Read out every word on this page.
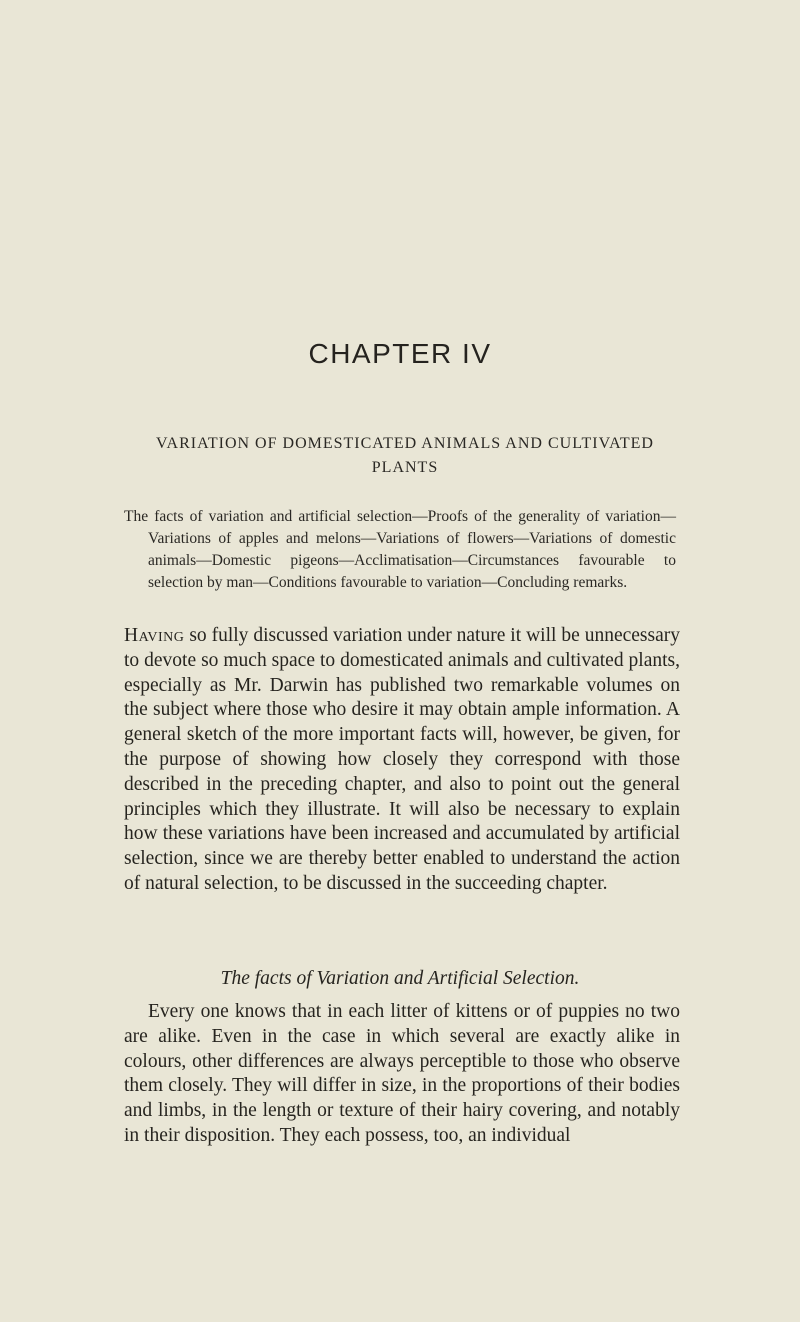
CHAPTER IV
VARIATION OF DOMESTICATED ANIMALS AND CULTIVATED PLANTS
The facts of variation and artificial selection—Proofs of the generality of variation—Variations of apples and melons—Variations of flowers—Variations of domestic animals—Domestic pigeons—Acclimatisation—Circumstances favourable to selection by man—Conditions favourable to variation—Concluding remarks.
Having so fully discussed variation under nature it will be unnecessary to devote so much space to domesticated animals and cultivated plants, especially as Mr. Darwin has published two remarkable volumes on the subject where those who desire it may obtain ample information. A general sketch of the more important facts will, however, be given, for the purpose of showing how closely they correspond with those described in the preceding chapter, and also to point out the general principles which they illustrate. It will also be necessary to explain how these variations have been increased and accumulated by artificial selection, since we are thereby better enabled to understand the action of natural selection, to be discussed in the succeeding chapter.
The facts of Variation and Artificial Selection.
Every one knows that in each litter of kittens or of puppies no two are alike. Even in the case in which several are exactly alike in colours, other differences are always perceptible to those who observe them closely. They will differ in size, in the proportions of their bodies and limbs, in the length or texture of their hairy covering, and notably in their disposition. They each possess, too, an individual
